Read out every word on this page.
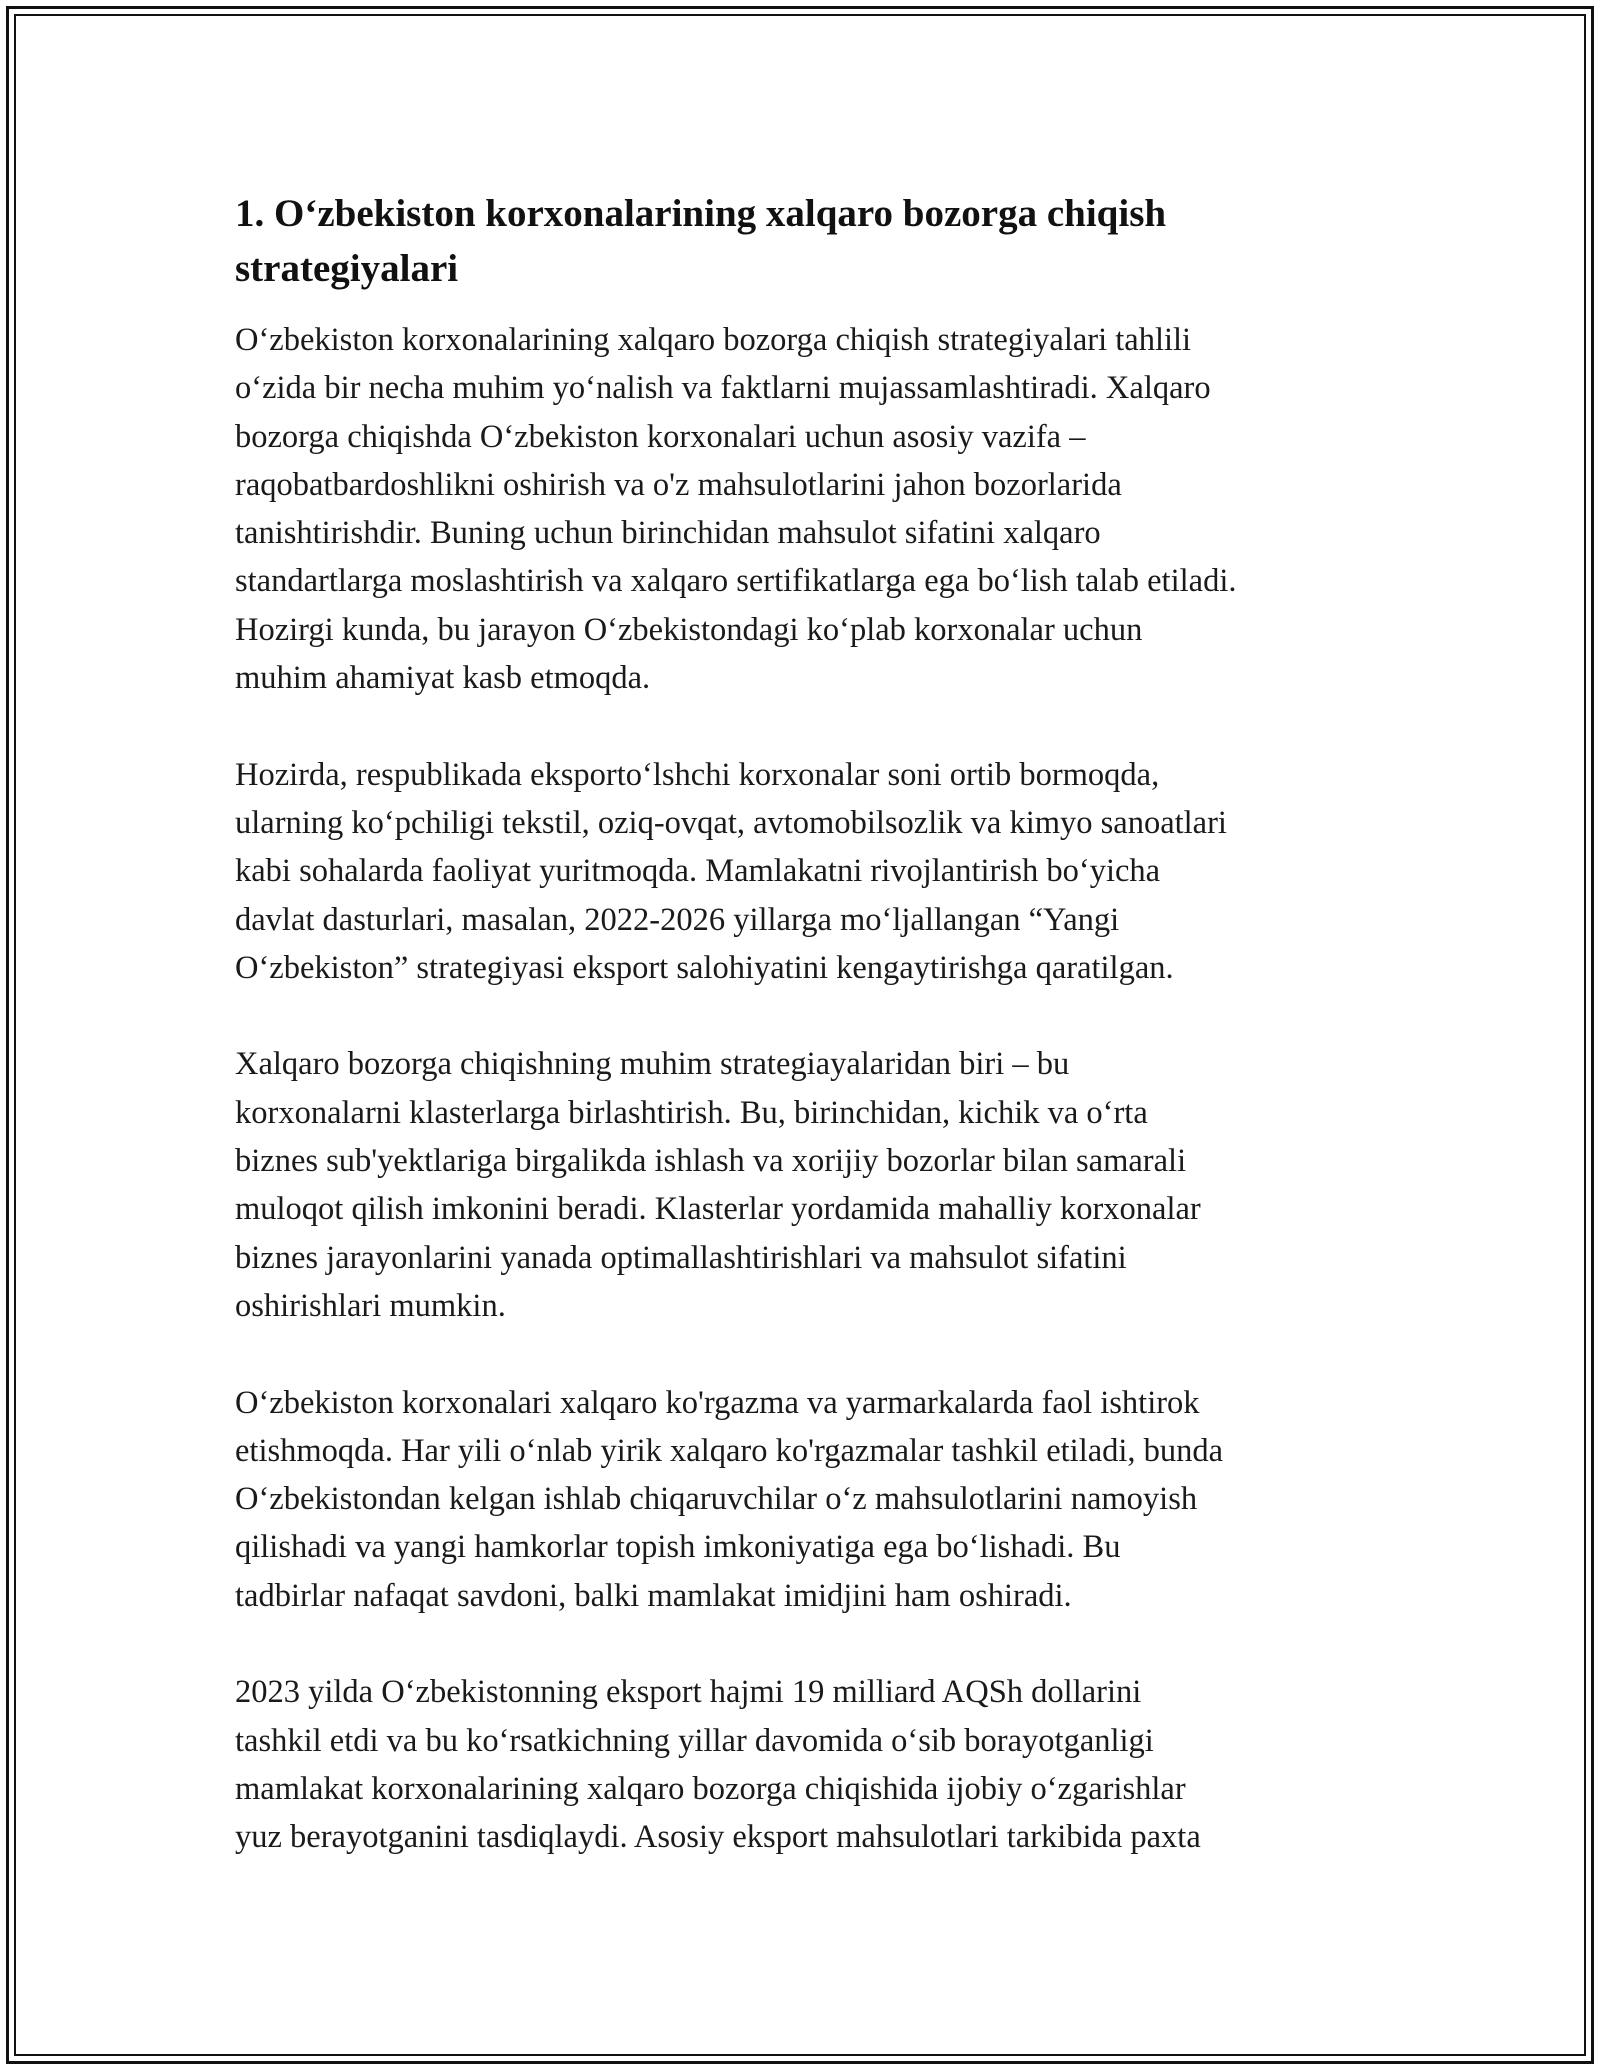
1. O‘zbekiston korxonalarining xalqaro bozorga chiqish
strategiyalari
O‘zbekiston korxonalarining xalqaro bozorga chiqish strategiyalari tahlili
o‘zida bir necha muhim yo‘nalish va faktlarni mujassamlashtiradi. Xalqaro
bozorga chiqishda O‘zbekiston korxonalari uchun asosiy vazifa –
raqobatbardoshlikni oshirish va o'z mahsulotlarini jahon bozorlarida
tanishtirishdir. Buning uchun birinchidan mahsulot sifatini xalqaro
standartlarga moslashtirish va xalqaro sertifikatlarga ega bo‘lish talab etiladi.
Hozirgi kunda, bu jarayon O‘zbekistondagi ko‘plab korxonalar uchun
muhim ahamiyat kasb etmoqda.
Hozirda, respublikada eksporto‘lshchi korxonalar soni ortib bormoqda,
ularning ko‘pchiligi tekstil, oziq-ovqat, avtomobilsozlik va kimyo sanoatlari
kabi sohalarda faoliyat yuritmoqda. Mamlakatni rivojlantirish bo‘yicha
davlat dasturlari, masalan, 2022-2026 yillarga mo‘ljallangan “Yangi
O‘zbekiston” strategiyasi eksport salohiyatini kengaytirishga qaratilgan.
Xalqaro bozorga chiqishning muhim strategiayalaridan biri – bu
korxonalarni klasterlarga birlashtirish. Bu, birinchidan, kichik va o‘rta
biznes sub'yektlariga birgalikda ishlash va xorijiy bozorlar bilan samarali
muloqot qilish imkonini beradi. Klasterlar yordamida mahalliy korxonalar
biznes jarayonlarini yanada optimallashtirishlari va mahsulot sifatini
oshirishlari mumkin.
O‘zbekiston korxonalari xalqaro ko'rgazma va yarmarkalarda faol ishtirok
etishmoqda. Har yili o‘nlab yirik xalqaro ko'rgazmalar tashkil etiladi, bunda
O‘zbekistondan kelgan ishlab chiqaruvchilar o‘z mahsulotlarini namoyish
qilishadi va yangi hamkorlar topish imkoniyatiga ega bo‘lishadi. Bu
tadbirlar nafaqat savdoni, balki mamlakat imidjini ham oshiradi.
2023 yilda O‘zbekistonning eksport hajmi 19 milliard AQSh dollarini
tashkil etdi va bu ko‘rsatkichning yillar davomida o‘sib borayotganligi
mamlakat korxonalarining xalqaro bozorga chiqishida ijobiy o‘zgarishlar
yuz berayotganini tasdiqlaydi. Asosiy eksport mahsulotlari tarkibida paxta
